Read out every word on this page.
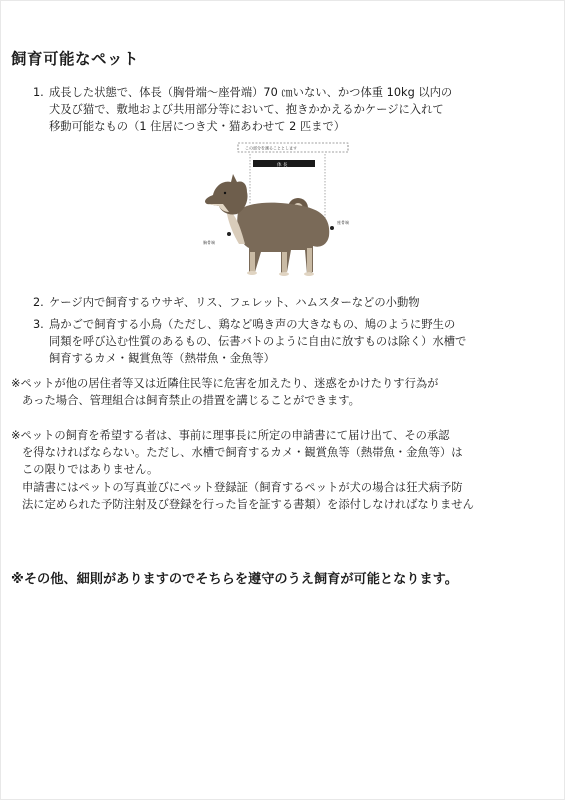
飼育可能なペット
1. 成長した状態で、体長（胸骨端～座骨端）70 ㎝いない、かつ体重 10kg 以内の
犬及び猫で、敷地および共用部分等において、抱きかかえるかケージに入れて
移動可能なもの（1 住居につき犬・猫あわせて 2 匹まで）
この部分を測ることとします
体 長
胸骨端
座骨端
2. ケージ内で飼育するウサギ、リス、フェレット、ハムスターなどの小動物
3. 鳥かごで飼育する小鳥（ただし、鶏など鳴き声の大きなもの、鳩のように野生の
同類を呼び込む性質のあるもの、伝書バトのように自由に放すものは除く）水槽で
飼育するカメ・観賞魚等（熱帯魚・金魚等）
※ペットが他の居住者等又は近隣住民等に危害を加えたり、迷惑をかけたりす行為が
あった場合、管理組合は飼育禁止の措置を講じることができます。
※ペットの飼育を希望する者は、事前に理事長に所定の申請書にて届け出て、その承認
を得なければならない。ただし、水槽で飼育するカメ・観賞魚等（熱帯魚・金魚等）は
この限りではありません。
申請書にはペットの写真並びにペット登録証（飼育するペットが犬の場合は狂犬病予防
法に定められた予防注射及び登録を行った旨を証する書類）を添付しなければなりません
※その他、細則がありますのでそちらを遵守のうえ飼育が可能となります。
